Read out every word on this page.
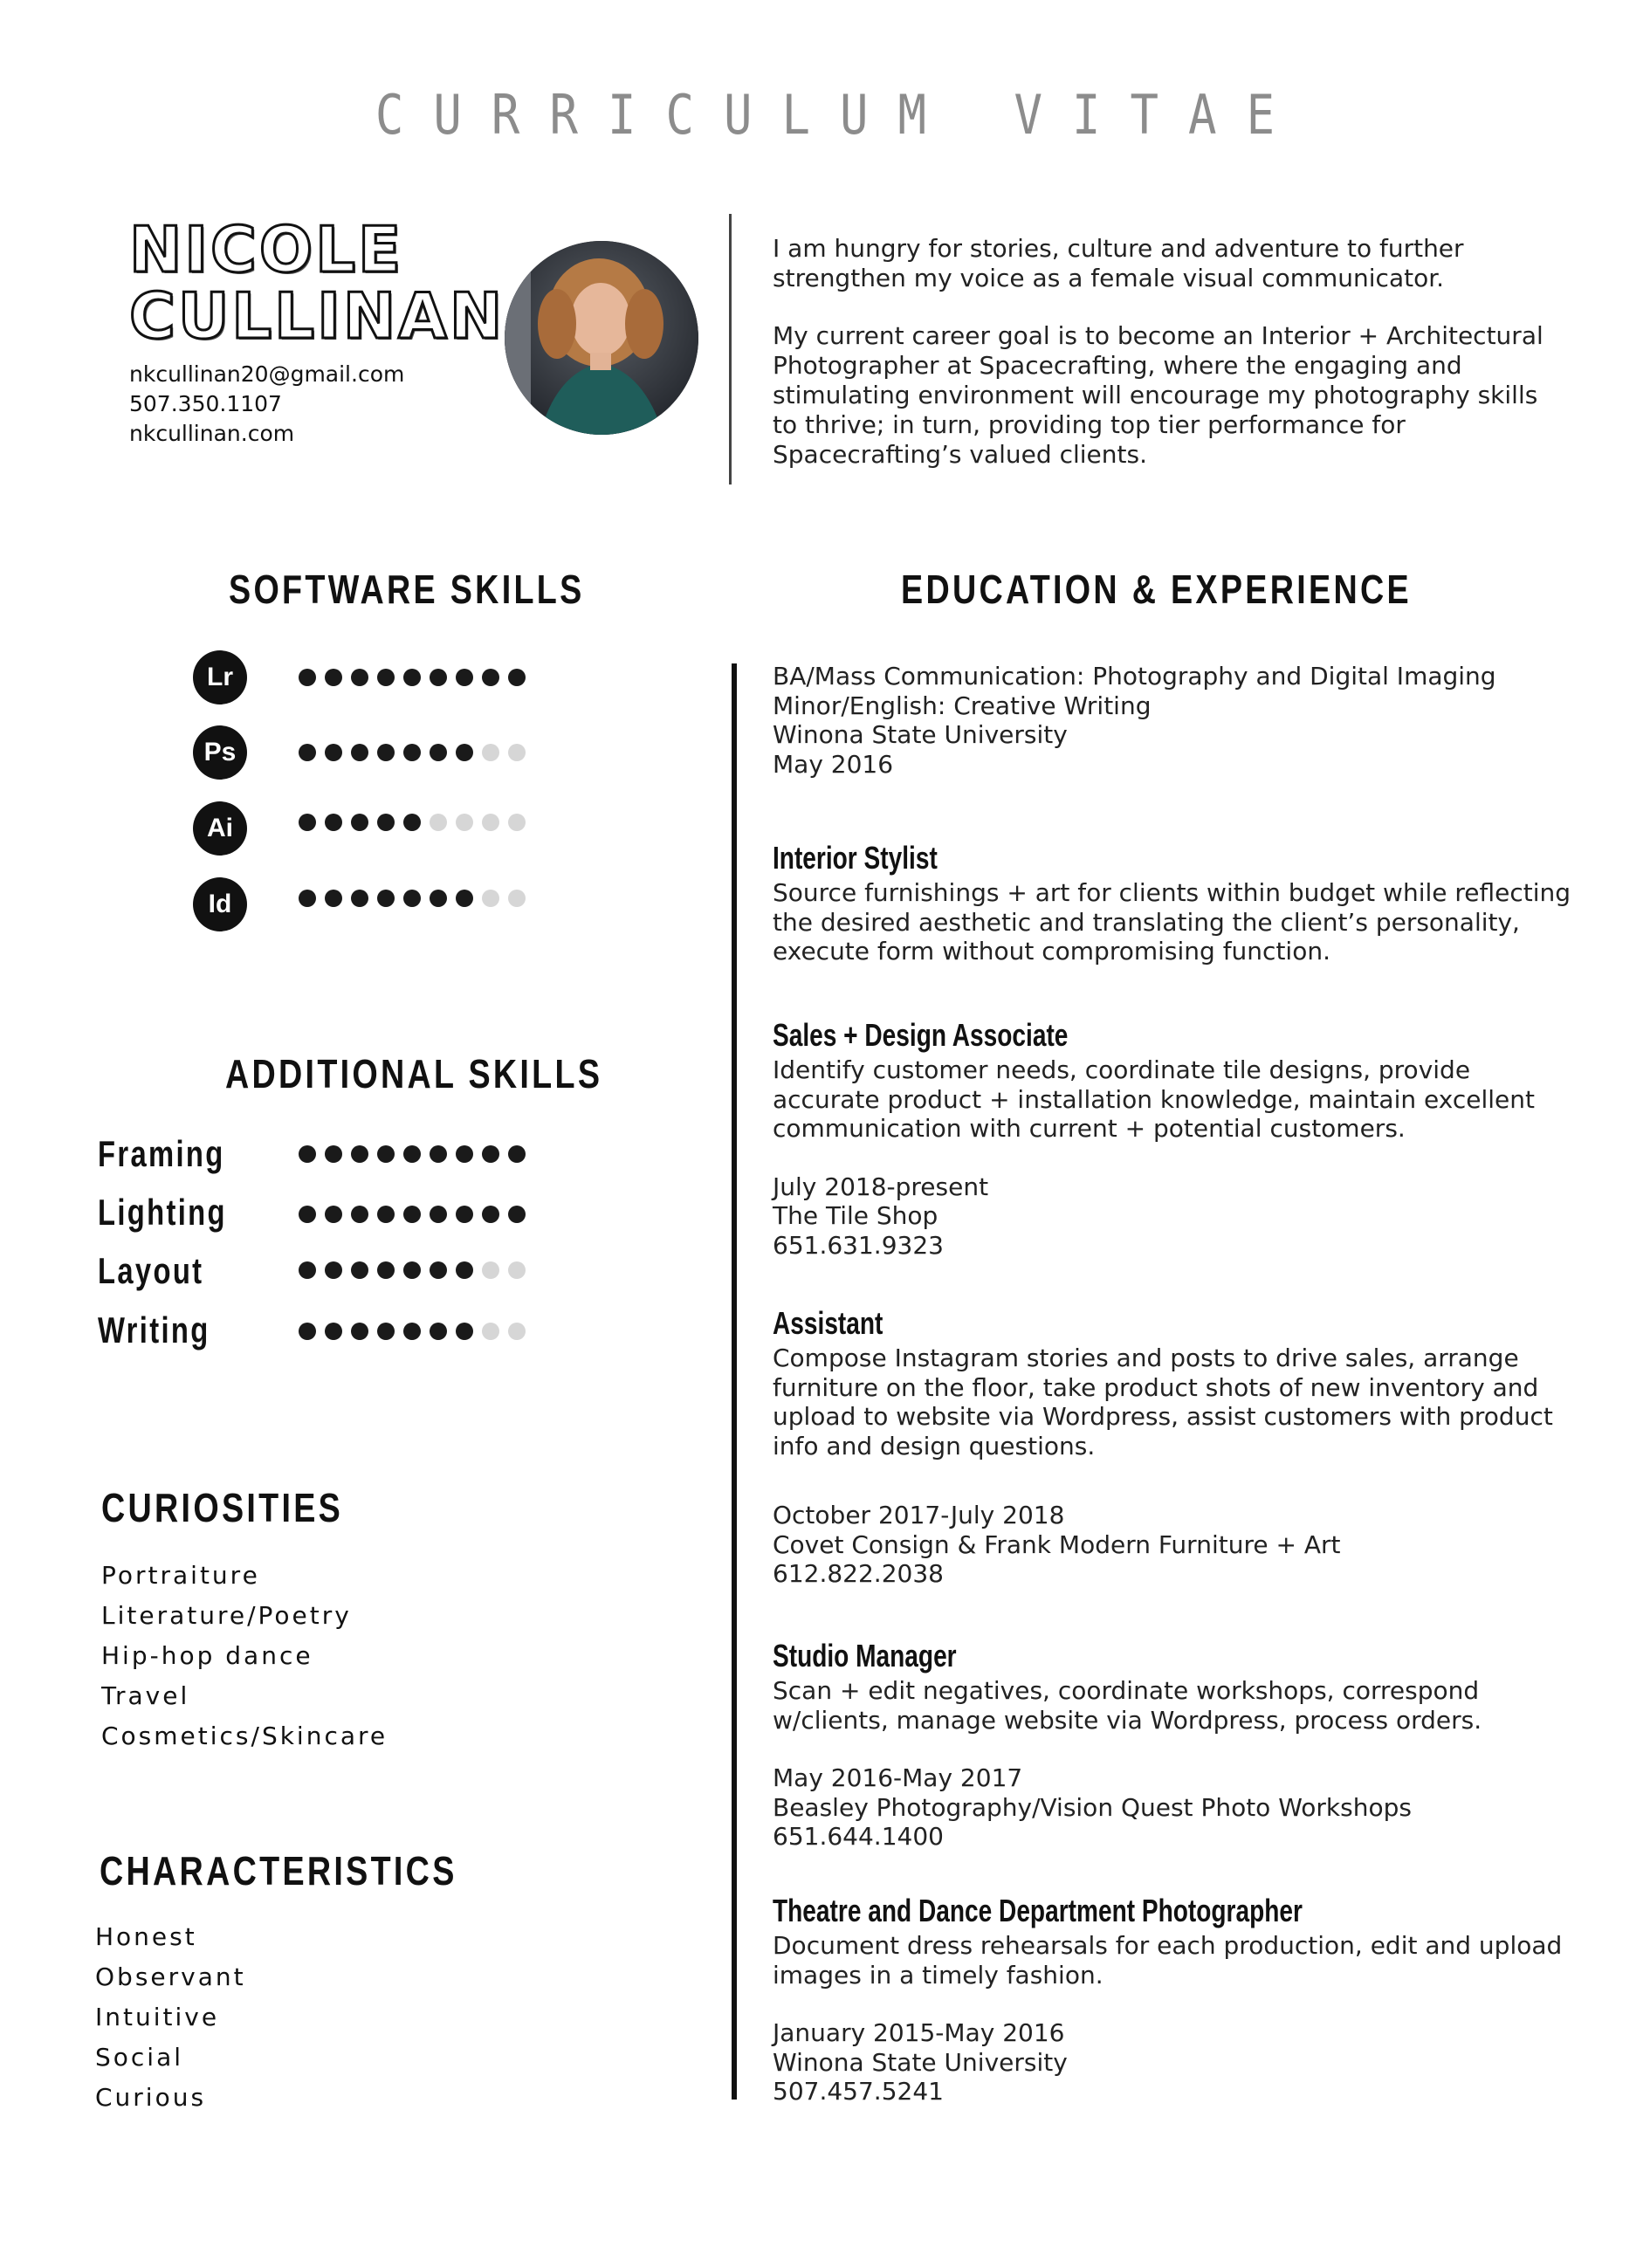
CURRICULUM VITAE
NICOLE
CULLINAN
nkcullinan20@gmail.com
507.350.1107
nkcullinan.com

I am hungry for stories, culture and adventure to further strengthen my voice as a female visual communicator.

My current career goal is to become an Interior + Architectural Photographer at Spacecrafting, where the engaging and stimulating environment will encourage my photography skills to thrive; in turn, providing top tier performance for Spacecrafting’s valued clients.

SOFTWARE SKILLS
Lr
Ps
Ai
Id
ADDITIONAL SKILLS
Framing
Lighting
Layout
Writing
CURIOSITIES
Portraiture
Literature/Poetry
Hip-hop dance
Travel
Cosmetics/Skincare
CHARACTERISTICS
Honest
Observant
Intuitive
Social
Curious
EDUCATION & EXPERIENCE
BA/Mass Communication: Photography and Digital Imaging
Minor/English: Creative Writing
Winona State University
May 2016
Interior Stylist
Source furnishings + art for clients within budget while reflecting the desired aesthetic and translating the client’s personality, execute form without compromising function.
Sales + Design Associate
Identify customer needs, coordinate tile designs, provide accurate product + installation knowledge, maintain excellent communication with current + potential customers.
July 2018-present
The Tile Shop
651.631.9323
Assistant
Compose Instagram stories and posts to drive sales, arrange furniture on the floor, take product shots of new inventory and upload to website via Wordpress, assist customers with product info and design questions.
October 2017-July 2018
Covet Consign & Frank Modern Furniture + Art
612.822.2038
Studio Manager
Scan + edit negatives, coordinate workshops, correspond w/clients, manage website via Wordpress, process orders.
May 2016-May 2017
Beasley Photography/Vision Quest Photo Workshops
651.644.1400
Theatre and Dance Department Photographer
Document dress rehearsals for each production, edit and upload images in a timely fashion.
January 2015-May 2016
Winona State University
507.457.5241
